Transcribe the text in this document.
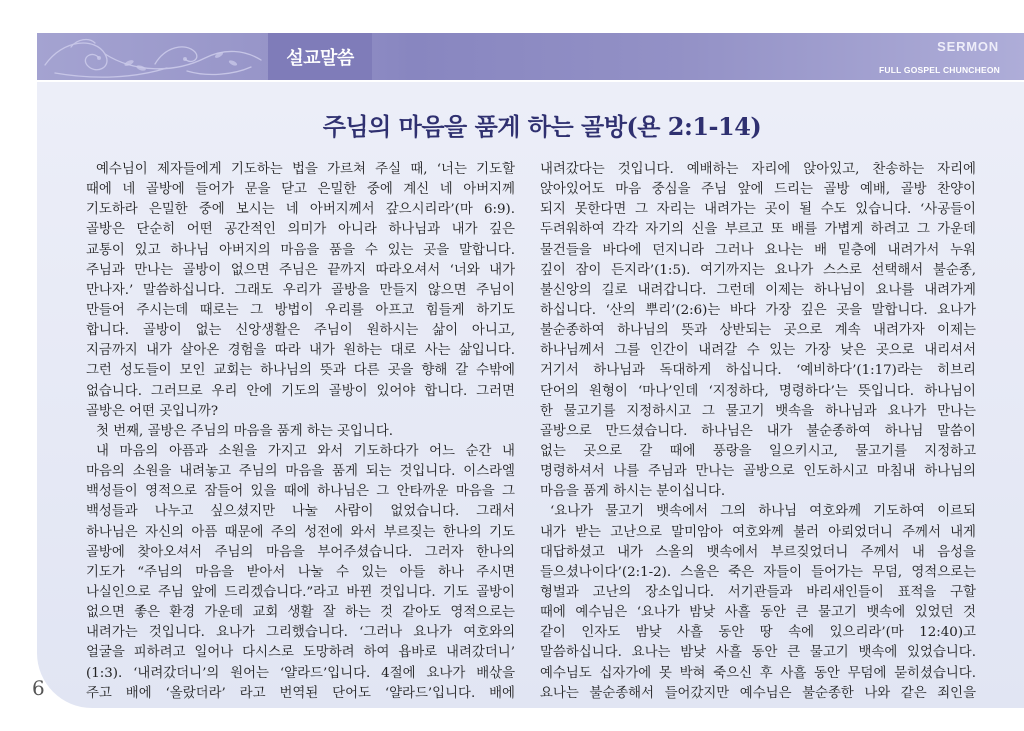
설교말씀
SERMON
FULL GOSPEL CHUNCHEON
주님의 마음을 품게 하는 골방(욘 2:1-14)
예수님이 제자들에게 기도하는 법을 가르쳐 주실 때, ‘너는 기도할
때에 네 골방에 들어가 문을 닫고 은밀한 중에 계신 네 아버지께
기도하라 은밀한 중에 보시는 네 아버지께서 갚으시리라’(마 6:9).
골방은 단순히 어떤 공간적인 의미가 아니라 하나님과 내가 깊은
교통이 있고 하나님 아버지의 마음을 품을 수 있는 곳을 말합니다.
주님과 만나는 골방이 없으면 주님은 끝까지 따라오셔서 ‘너와 내가
만나자.’ 말씀하십니다. 그래도 우리가 골방을 만들지 않으면 주님이
만들어 주시는데 때로는 그 방법이 우리를 아프고 힘들게 하기도
합니다. 골방이 없는 신앙생활은 주님이 원하시는 삶이 아니고,
지금까지 내가 살아온 경험을 따라 내가 원하는 대로 사는 삶입니다.
그런 성도들이 모인 교회는 하나님의 뜻과 다른 곳을 향해 갈 수밖에
없습니다. 그러므로 우리 안에 기도의 골방이 있어야 합니다. 그러면
골방은 어떤 곳입니까?
첫 번째, 골방은 주님의 마음을 품게 하는 곳입니다.
내 마음의 아픔과 소원을 가지고 와서 기도하다가 어느 순간 내
마음의 소원을 내려놓고 주님의 마음을 품게 되는 것입니다. 이스라엘
백성들이 영적으로 잠들어 있을 때에 하나님은 그 안타까운 마음을 그
백성들과 나누고 싶으셨지만 나눌 사람이 없었습니다. 그래서
하나님은 자신의 아픔 때문에 주의 성전에 와서 부르짖는 한나의 기도
골방에 찾아오셔서 주님의 마음을 부어주셨습니다. 그러자 한나의
기도가 “주님의 마음을 받아서 나눌 수 있는 아들 하나 주시면
나실인으로 주님 앞에 드리겠습니다.”라고 바뀐 것입니다. 기도 골방이
없으면 좋은 환경 가운데 교회 생활 잘 하는 것 같아도 영적으로는
내려가는 것입니다. 요나가 그리했습니다. ‘그러나 요나가 여호와의
얼굴을 피하려고 일어나 다시스로 도망하려 하여 욥바로 내려갔더니’
(1:3). ‘내려갔더니’의 원어는 ‘얄라드’입니다. 4절에 요나가 배삯을
주고 배에 ‘올랐더라’ 라고 번역된 단어도 ‘얄라드’입니다. 배에
내려갔다는 것입니다. 예배하는 자리에 앉아있고, 찬송하는 자리에
앉아있어도 마음 중심을 주님 앞에 드리는 골방 예배, 골방 찬양이
되지 못한다면 그 자리는 내려가는 곳이 될 수도 있습니다. ‘사공들이
두려워하여 각각 자기의 신을 부르고 또 배를 가볍게 하려고 그 가운데
물건들을 바다에 던지니라 그러나 요나는 배 밑층에 내려가서 누워
깊이 잠이 든지라’(1:5). 여기까지는 요나가 스스로 선택해서 불순종,
불신앙의 길로 내려갑니다. 그런데 이제는 하나님이 요나를 내려가게
하십니다. ‘산의 뿌리’(2:6)는 바다 가장 깊은 곳을 말합니다. 요나가
불순종하여 하나님의 뜻과 상반되는 곳으로 계속 내려가자 이제는
하나님께서 그를 인간이 내려갈 수 있는 가장 낮은 곳으로 내리셔서
거기서 하나님과 독대하게 하십니다. ‘예비하다’(1:17)라는 히브리
단어의 원형이 ‘마나’인데 ‘지정하다, 명령하다’는 뜻입니다. 하나님이
한 물고기를 지정하시고 그 물고기 뱃속을 하나님과 요나가 만나는
골방으로 만드셨습니다. 하나님은 내가 불순종하여 하나님 말씀이
없는 곳으로 갈 때에 풍랑을 일으키시고, 물고기를 지정하고
명령하셔서 나를 주님과 만나는 골방으로 인도하시고 마침내 하나님의
마음을 품게 하시는 분이십니다.
‘요나가 물고기 뱃속에서 그의 하나님 여호와께 기도하여 이르되
내가 받는 고난으로 말미암아 여호와께 불러 아뢰었더니 주께서 내게
대답하셨고 내가 스올의 뱃속에서 부르짖었더니 주께서 내 음성을
들으셨나이다’(2:1-2). 스올은 죽은 자들이 들어가는 무덤, 영적으로는
형벌과 고난의 장소입니다. 서기관들과 바리새인들이 표적을 구할
때에 예수님은 ‘요나가 밤낮 사흘 동안 큰 물고기 뱃속에 있었던 것
같이 인자도 밤낮 사흘 동안 땅 속에 있으리라’(마 12:40)고
말씀하십니다. 요나는 밤낮 사흘 동안 큰 물고기 뱃속에 있었습니다.
예수님도 십자가에 못 박혀 죽으신 후 사흘 동안 무덤에 묻히셨습니다.
요나는 불순종해서 들어갔지만 예수님은 불순종한 나와 같은 죄인을
6
